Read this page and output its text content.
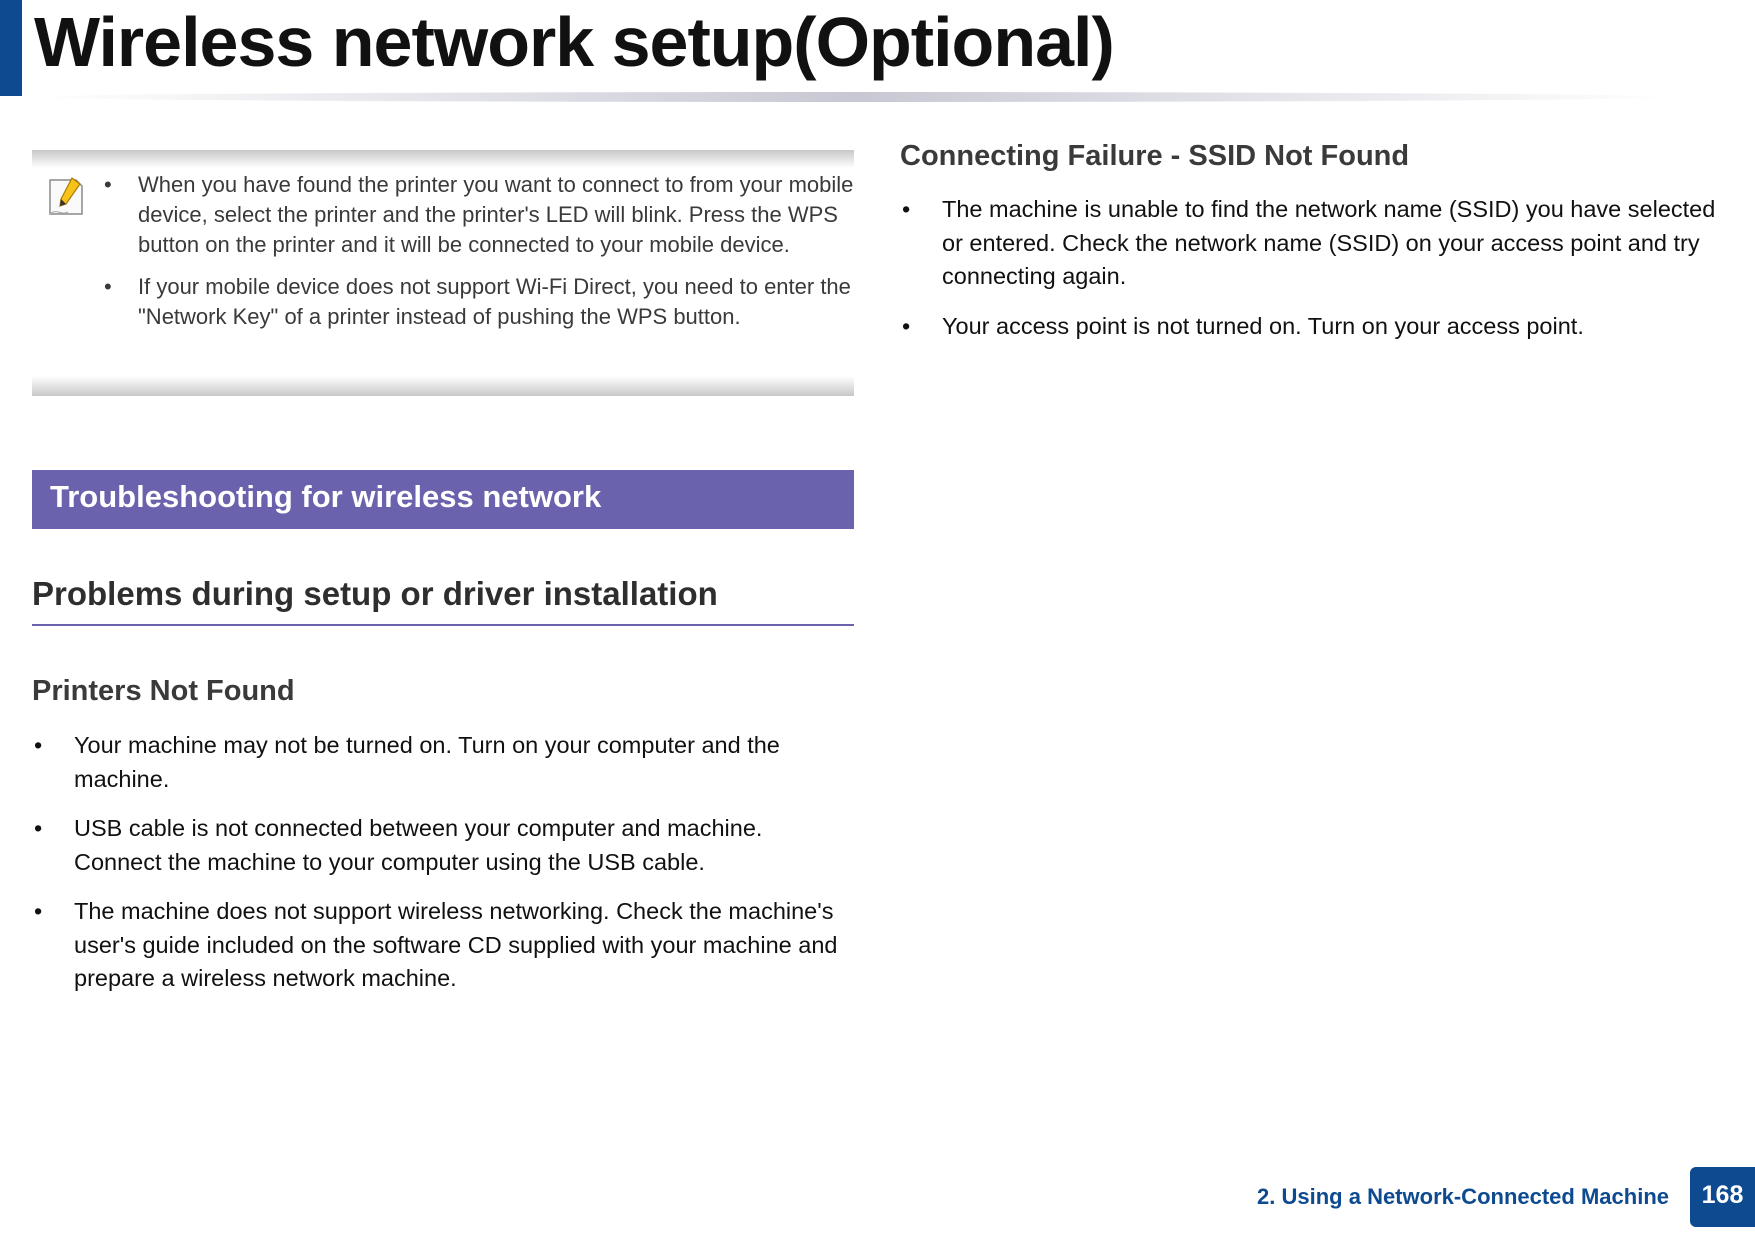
Wireless network setup(Optional)
• When you have found the printer you want to connect to from your mobile device, select the printer and the printer's LED will blink. Press the WPS button on the printer and it will be connected to your mobile device.
• If your mobile device does not support Wi-Fi Direct, you need to enter the "Network Key" of a printer instead of pushing the WPS button.
Troubleshooting for wireless network
Problems during setup or driver installation
Printers Not Found
• Your machine may not be turned on. Turn on your computer and the machine.
• USB cable is not connected between your computer and machine. Connect the machine to your computer using the USB cable.
• The machine does not support wireless networking. Check the machine's user's guide included on the software CD supplied with your machine and prepare a wireless network machine.
Connecting Failure - SSID Not Found
• The machine is unable to find the network name (SSID) you have selected or entered. Check the network name (SSID) on your access point and try connecting again.
• Your access point is not turned on. Turn on your access point.
2. Using a Network-Connected Machine	168
